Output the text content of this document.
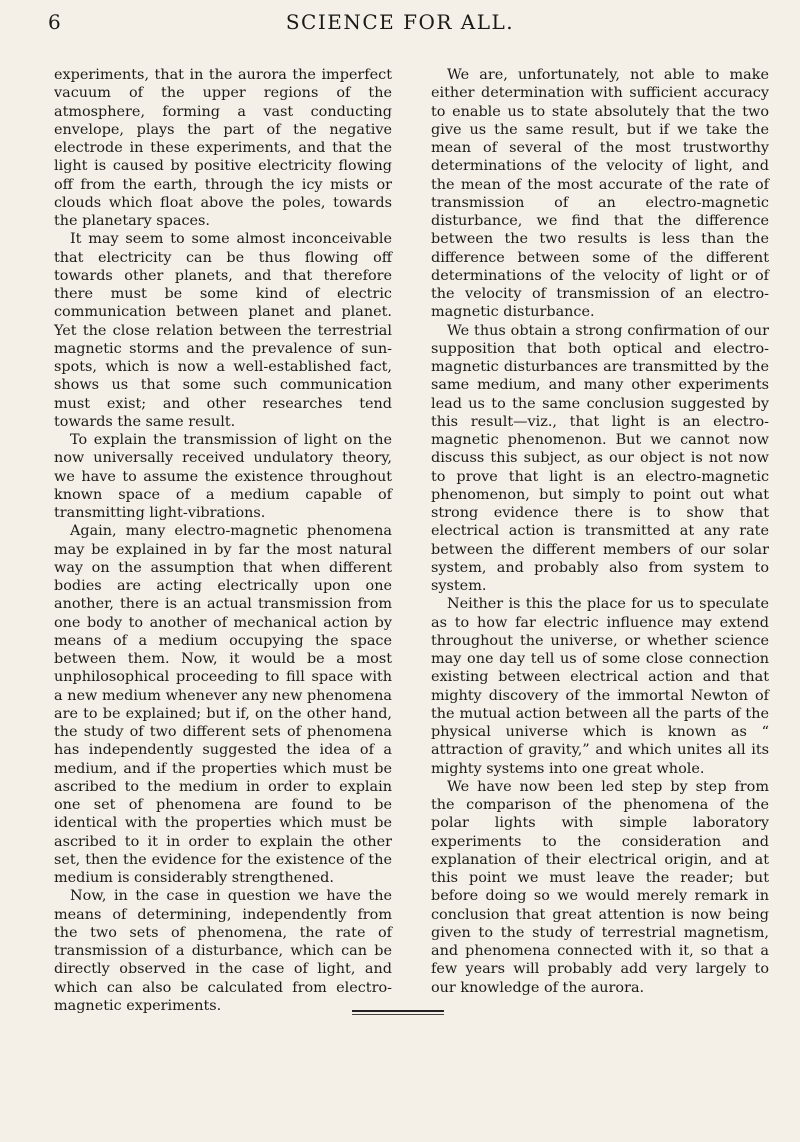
6	SCIENCE FOR ALL.

experiments, that in the aurora the imperfect vacuum of the upper regions of the atmosphere, forming a vast conducting envelope, plays the part of the negative electrode in these experiments, and that the light is caused by positive electricity flowing off from the earth, through the icy mists or clouds which float above the poles, towards the planetary spaces.

It may seem to some almost inconceivable that electricity can be thus flowing off towards other planets, and that therefore there must be some kind of electric communication between planet and planet. Yet the close relation between the terrestrial magnetic storms and the prevalence of sun-spots, which is now a well-established fact, shows us that some such communication must exist; and other researches tend towards the same result.

To explain the transmission of light on the now universally received undulatory theory, we have to assume the existence throughout known space of a medium capable of transmitting light-vibrations.

Again, many electro-magnetic phenomena may be explained in by far the most natural way on the assumption that when different bodies are acting electrically upon one another, there is an actual transmission from one body to another of mechanical action by means of a medium occupying the space between them. Now, it would be a most unphilosophical proceeding to fill space with a new medium whenever any new phenomena are to be explained; but if, on the other hand, the study of two different sets of phenomena has independently suggested the idea of a medium, and if the properties which must be ascribed to the medium in order to explain one set of phenomena are found to be identical with the properties which must be ascribed to it in order to explain the other set, then the evidence for the existence of the medium is considerably strengthened.

Now, in the case in question we have the means of determining, independently from the two sets of phenomena, the rate of transmission of a disturbance, which can be directly observed in the case of light, and which can also be calculated from electro-magnetic experiments.

We are, unfortunately, not able to make either determination with sufficient accuracy to enable us to state absolutely that the two give us the same result, but if we take the mean of several of the most trustworthy determinations of the velocity of light, and the mean of the most accurate of the rate of transmission of an electro-magnetic disturbance, we find that the difference between the two results is less than the difference between some of the different determinations of the velocity of light or of the velocity of transmission of an electro-magnetic disturbance.

We thus obtain a strong confirmation of our supposition that both optical and electro-magnetic disturbances are transmitted by the same medium, and many other experiments lead us to the same conclusion suggested by this result—viz., that light is an electro-magnetic phenomenon. But we cannot now discuss this subject, as our object is not now to prove that light is an electro-magnetic phenomenon, but simply to point out what strong evidence there is to show that electrical action is transmitted at any rate between the different members of our solar system, and probably also from system to system.

Neither is this the place for us to speculate as to how far electric influence may extend throughout the universe, or whether science may one day tell us of some close connection existing between electrical action and that mighty discovery of the immortal Newton of the mutual action between all the parts of the physical universe which is known as “ attraction of gravity,” and which unites all its mighty systems into one great whole.

We have now been led step by step from the comparison of the phenomena of the polar lights with simple laboratory experiments to the consideration and explanation of their electrical origin, and at this point we must leave the reader; but before doing so we would merely remark in conclusion that great attention is now being given to the study of terrestrial magnetism, and phenomena connected with it, so that a few years will probably add very largely to our knowledge of the aurora.
